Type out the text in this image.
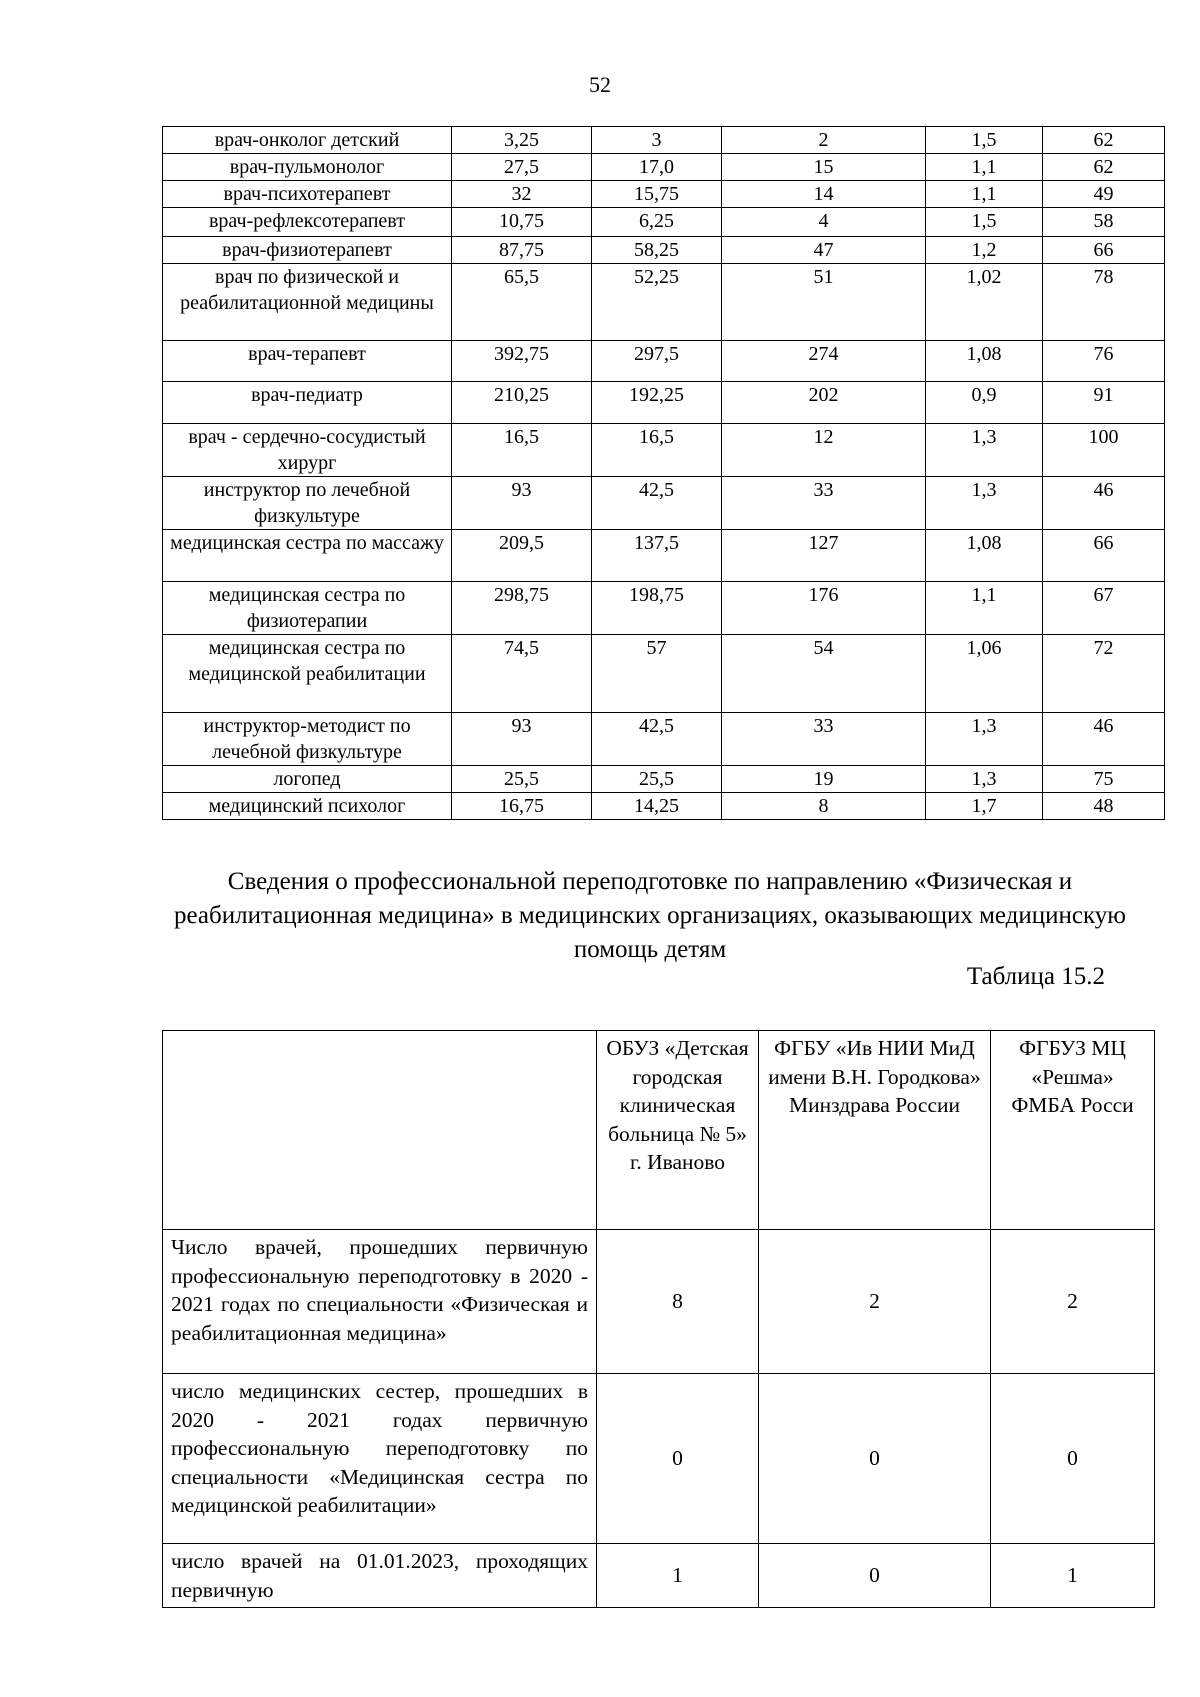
52
врач-онколог детский	3,25	3	2	1,5	62
врач-пульмонолог	27,5	17,0	15	1,1	62
врач-психотерапевт	32	15,75	14	1,1	49
врач-рефлексотерапевт	10,75	6,25	4	1,5	58
врач-физиотерапевт	87,75	58,25	47	1,2	66
врач по физической и реабилитационной медицины	65,5	52,25	51	1,02	78
врач-терапевт	392,75	297,5	274	1,08	76
врач-педиатр	210,25	192,25	202	0,9	91
врач - сердечно-сосудистый хирург	16,5	16,5	12	1,3	100
инструктор по лечебной физкультуре	93	42,5	33	1,3	46
медицинская сестра по массажу	209,5	137,5	127	1,08	66
медицинская сестра по физиотерапии	298,75	198,75	176	1,1	67
медицинская сестра по медицинской реабилитации	74,5	57	54	1,06	72
инструктор-методист по лечебной физкультуре	93	42,5	33	1,3	46
логопед	25,5	25,5	19	1,3	75
медицинский психолог	16,75	14,25	8	1,7	48
Сведения о профессиональной переподготовке по направлению «Физическая и реабилитационная медицина» в медицинских организациях, оказывающих медицинскую помощь детям
Таблица 15.2
	ОБУЗ «Детская городская клиническая больница № 5» г. Иваново	ФГБУ «Ив НИИ МиД имени В.Н. Городкова» Минздрава России	ФГБУЗ МЦ «Решма» ФМБА Росси
Число врачей, прошедших первичную профессиональную переподготовку в 2020 - 2021 годах по специальности «Физическая и реабилитационная медицина»	8	2	2
число медицинских сестер, прошедших в 2020 - 2021 годах первичную профессиональную переподготовку по специальности «Медицинская сестра по медицинской реабилитации»	0	0	0
число врачей на 01.01.2023, проходящих первичную	1	0	1
